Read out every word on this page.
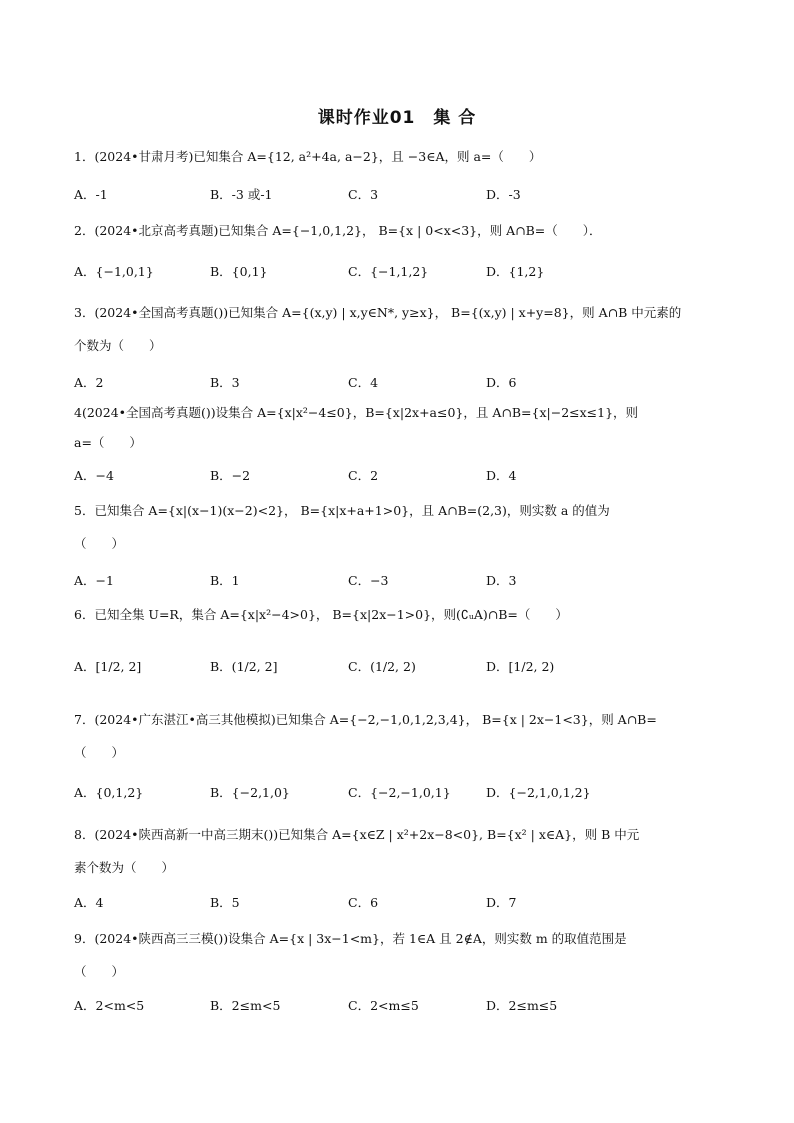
课时作业01　集 合
1．(2024•甘肃月考)已知集合 A={12, a²+4a, a−2}，且 −3∈A，则 a=（　　）
A．-1	B．-3 或-1	C．3	D．-3
2．(2024•北京高考真题)已知集合 A={−1,0,1,2}， B={x | 0<x<3}，则 A∩B=（　　）．
A．{−1,0,1}	B．{0,1}	C．{−1,1,2}	D．{1,2}
3．(2024•全国高考真题())已知集合 A={(x,y) | x,y∈N*, y≥x}， B={(x,y) | x+y=8}，则 A∩B 中元素的
个数为（　　）
A．2	B．3	C．4	D．6
4(2024•全国高考真题())设集合 A={x|x²−4≤0}，B={x|2x+a≤0}，且 A∩B={x|−2≤x≤1}，则
a=（　　）
A．−4	B．−2	C．2	D．4
5．已知集合 A={x|(x−1)(x−2)<2}， B={x|x+a+1>0}，且 A∩B=(2,3)，则实数 a 的值为
（　　）
A．−1	B．1	C．−3	D．3
6．已知全集 U=R，集合 A={x|x²−4>0}， B={x|2x−1>0}，则(∁ᵤA)∩B=（　　）
A．[1/2, 2]	B．(1/2, 2]	C．(1/2, 2)	D．[1/2, 2)
7．(2024•广东湛江•高三其他模拟)已知集合 A={−2,−1,0,1,2,3,4}， B={x | 2x−1<3}，则 A∩B=
（　　）
A．{0,1,2}	B．{−2,1,0}	C．{−2,−1,0,1}	D．{−2,1,0,1,2}
8．(2024•陕西高新一中高三期末())已知集合 A={x∈Z | x²+2x−8<0}, B={x² | x∈A}，则 B 中元
素个数为（　　）
A．4	B．5	C．6	D．7
9．(2024•陕西高三三模())设集合 A={x | 3x−1<m}，若 1∈A 且 2∉A，则实数 m 的取值范围是
（　　）
A．2<m<5	B．2≤m<5	C．2<m≤5	D．2≤m≤5
